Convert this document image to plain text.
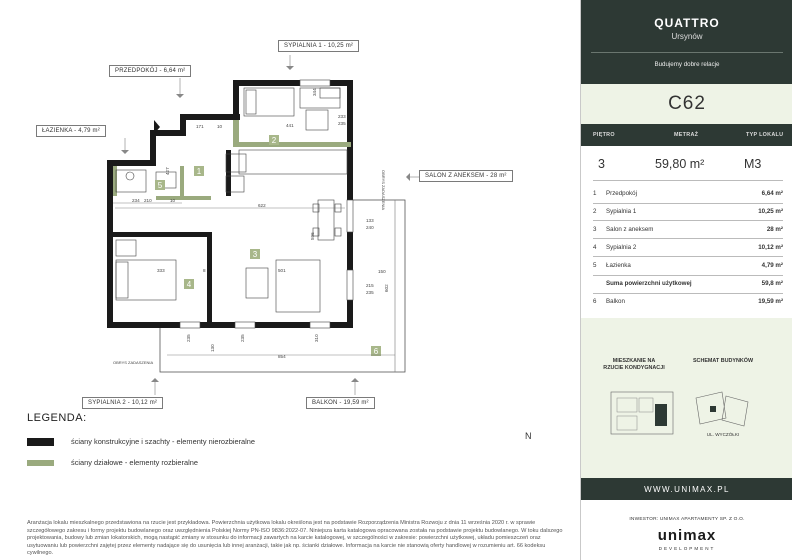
1
2
3
4
5
6
441
171	10
344
233
235
427
622
234 210	10
333	8	501	150
602
215
235
133
240
596
130
854
235	235	310
OBRYS ZADASZENIA
OBRYS ZADASZENIA
N
SYPIALNIA 1 - 10,25 m²
PRZEDPOKÓJ - 6,64 m²
ŁAZIENKA - 4,79 m²
SALON Z ANEKSEM - 28 m²
SYPIALNIA 2 - 10,12 m²	BALKON - 19,59 m²
LEGENDA:
ściany konstrukcyjne i szachty - elementy nierozbieralne
ściany działowe - elementy rozbieralne
Aranżacja lokalu mieszkalnego przedstawiona na rzucie jest przykładowa. Powierzchnia użytkowa lokalu określona jest na podstawie Rozporządzenia Ministra Rozwoju z dnia 11 września 2020 r. w sprawie szczegółowego zakresu i formy projektu budowlanego oraz uwzględnienia Polskiej Normy PN-ISO 9836:2022-07. Niniejsza karta katalogowa opracowana została na podstawie projektu budowlanego. W toku dalszego projektowania, budowy lub zmian lokatorskich, mogą nastąpić zmiany w stosunku do informacji zawartych na karcie katalogowej, w szczególności w zakresie: powierzchni użytkowej, układu pomieszczeń oraz usytuowaniu lub powierzchni zajętej przez elementy nadające się do usunięcia lub innej aranżacji, takie jak np. ścianki działowe. Informacja na karcie nie stanowią oferty handlowej w rozumieniu art. 66 kodeksu cywilnego.
QUATTRO
Ursynów
Budujemy dobre relacje
C62
PIĘTRO	METRAŻ	TYP LOKALU
3	59,80 m²	M3
1 Przedpokój	6,64 m²
2 Sypialnia 1	10,25 m²
3 Salon z aneksem	28 m²
4 Sypialnia 2	10,12 m²
5 Łazienka	4,79 m²
Suma powierzchni użytkowej	59,8 m²
6 Balkon	19,59 m²
MIESZKANIE NA RZUCIE KONDYGNACJI
SCHEMAT BUDYNKÓW
UL. WYCZÓŁKI
WWW.UNIMAX.PL
INWESTOR: UNIMAX APARTAMENTY SP. Z O.O.
unimax
DEVELOPMENT
